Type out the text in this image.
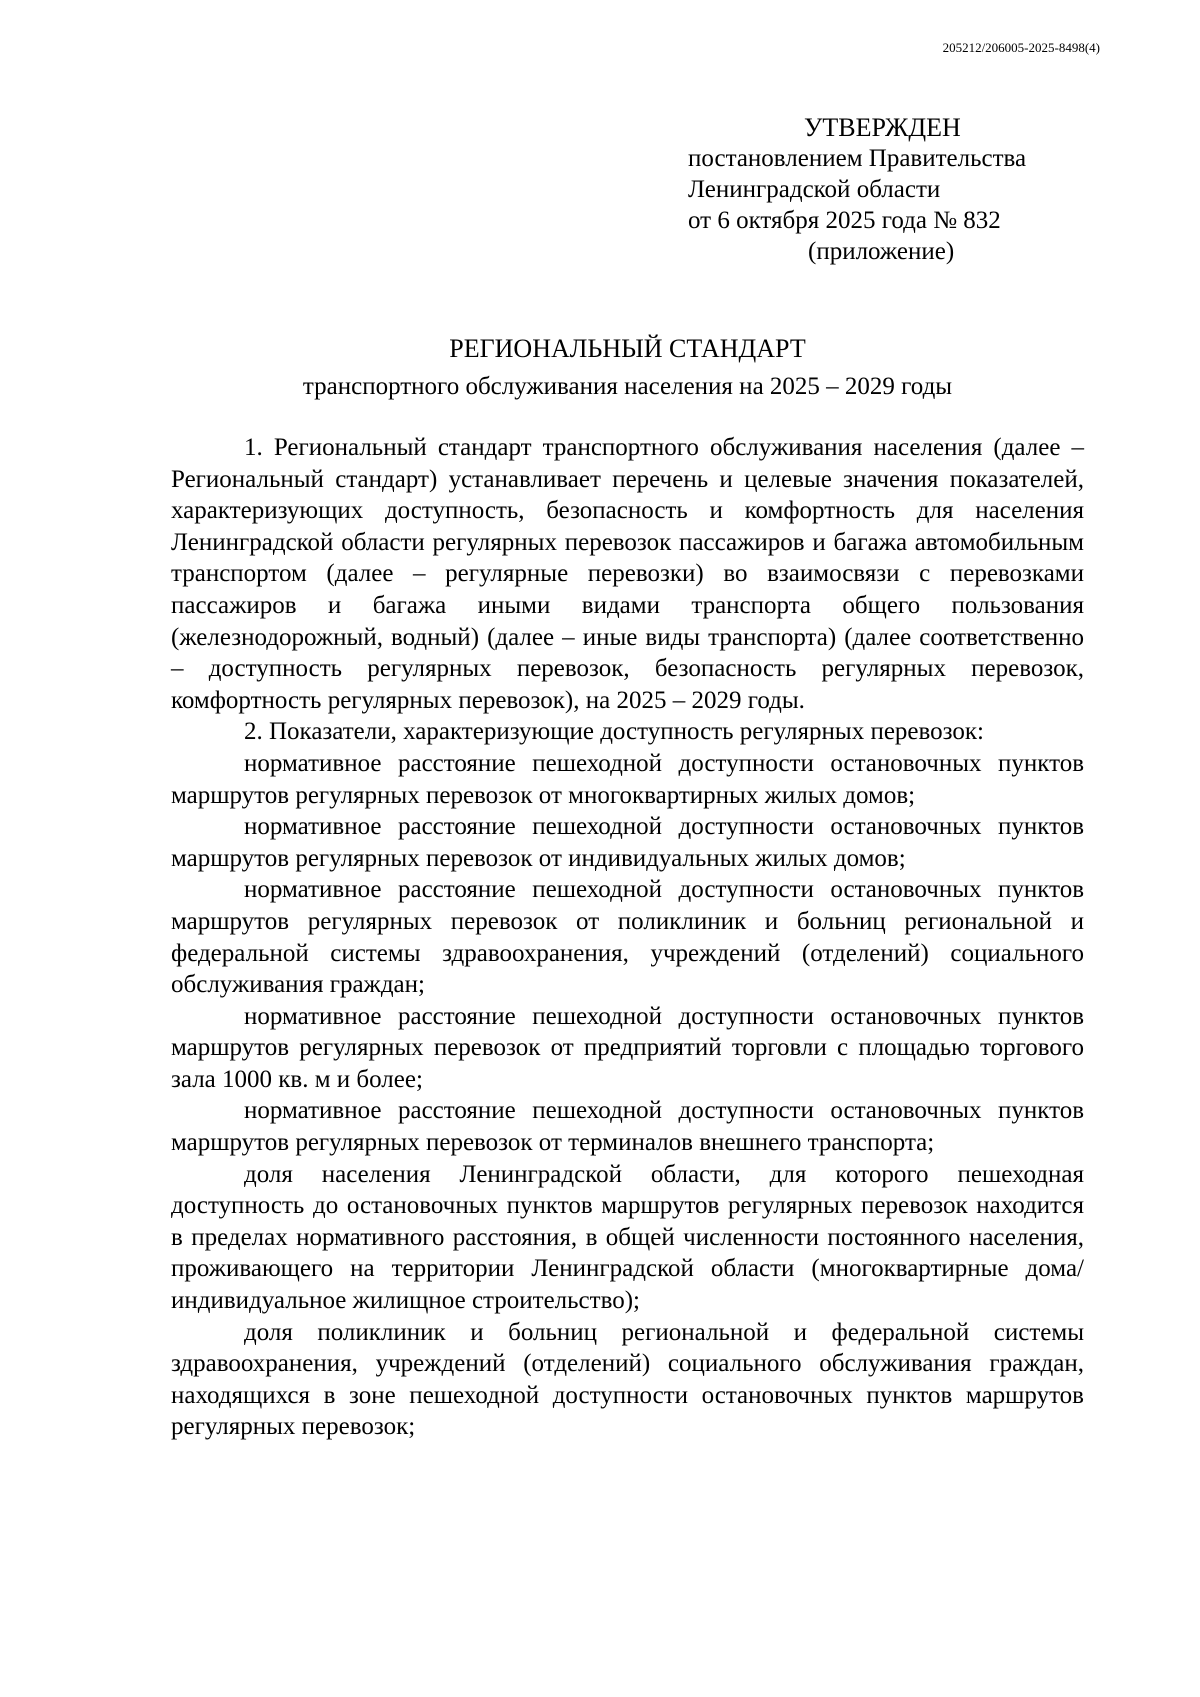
205212/206005-2025-8498(4)
УТВЕРЖДЕН
постановлением Правительства
Ленинградской области
от 6 октября 2025 года № 832
(приложение)
РЕГИОНАЛЬНЫЙ СТАНДАРТ
транспортного обслуживания населения на 2025 – 2029 годы

1. Региональный стандарт транспортного обслуживания населения (далее – Региональный стандарт) устанавливает перечень и целевые значения показателей, характеризующих доступность, безопасность и комфортность для населения Ленинградской области регулярных перевозок пассажиров и багажа автомобильным транспортом (далее – регулярные перевозки) во взаимосвязи с перевозками пассажиров и багажа иными видами транспорта общего пользования (железнодорожный, водный) (далее – иные виды транспорта) (далее соответственно – доступность регулярных перевозок, безопасность регулярных перевозок, комфортность регулярных перевозок), на 2025 – 2029 годы.

2. Показатели, характеризующие доступность регулярных перевозок:

нормативное расстояние пешеходной доступности остановочных пунктов маршрутов регулярных перевозок от многоквартирных жилых домов;

нормативное расстояние пешеходной доступности остановочных пунктов маршрутов регулярных перевозок от индивидуальных жилых домов;

нормативное расстояние пешеходной доступности остановочных пунктов маршрутов регулярных перевозок от поликлиник и больниц региональной и федеральной системы здравоохранения, учреждений (отделений) социального обслуживания граждан;

нормативное расстояние пешеходной доступности остановочных пунктов маршрутов регулярных перевозок от предприятий торговли с площадью торгового зала 1000 кв. м и более;

нормативное расстояние пешеходной доступности остановочных пунктов маршрутов регулярных перевозок от терминалов внешнего транспорта;

доля населения Ленинградской области, для которого пешеходная доступность до остановочных пунктов маршрутов регулярных перевозок находится в пределах нормативного расстояния, в общей численности постоянного населения, проживающего на территории Ленинградской области (многоквартирные дома/индивидуальное жилищное строительство);

доля поликлиник и больниц региональной и федеральной системы здравоохранения, учреждений (отделений) социального обслуживания граждан, находящихся в зоне пешеходной доступности остановочных пунктов маршрутов регулярных перевозок;
